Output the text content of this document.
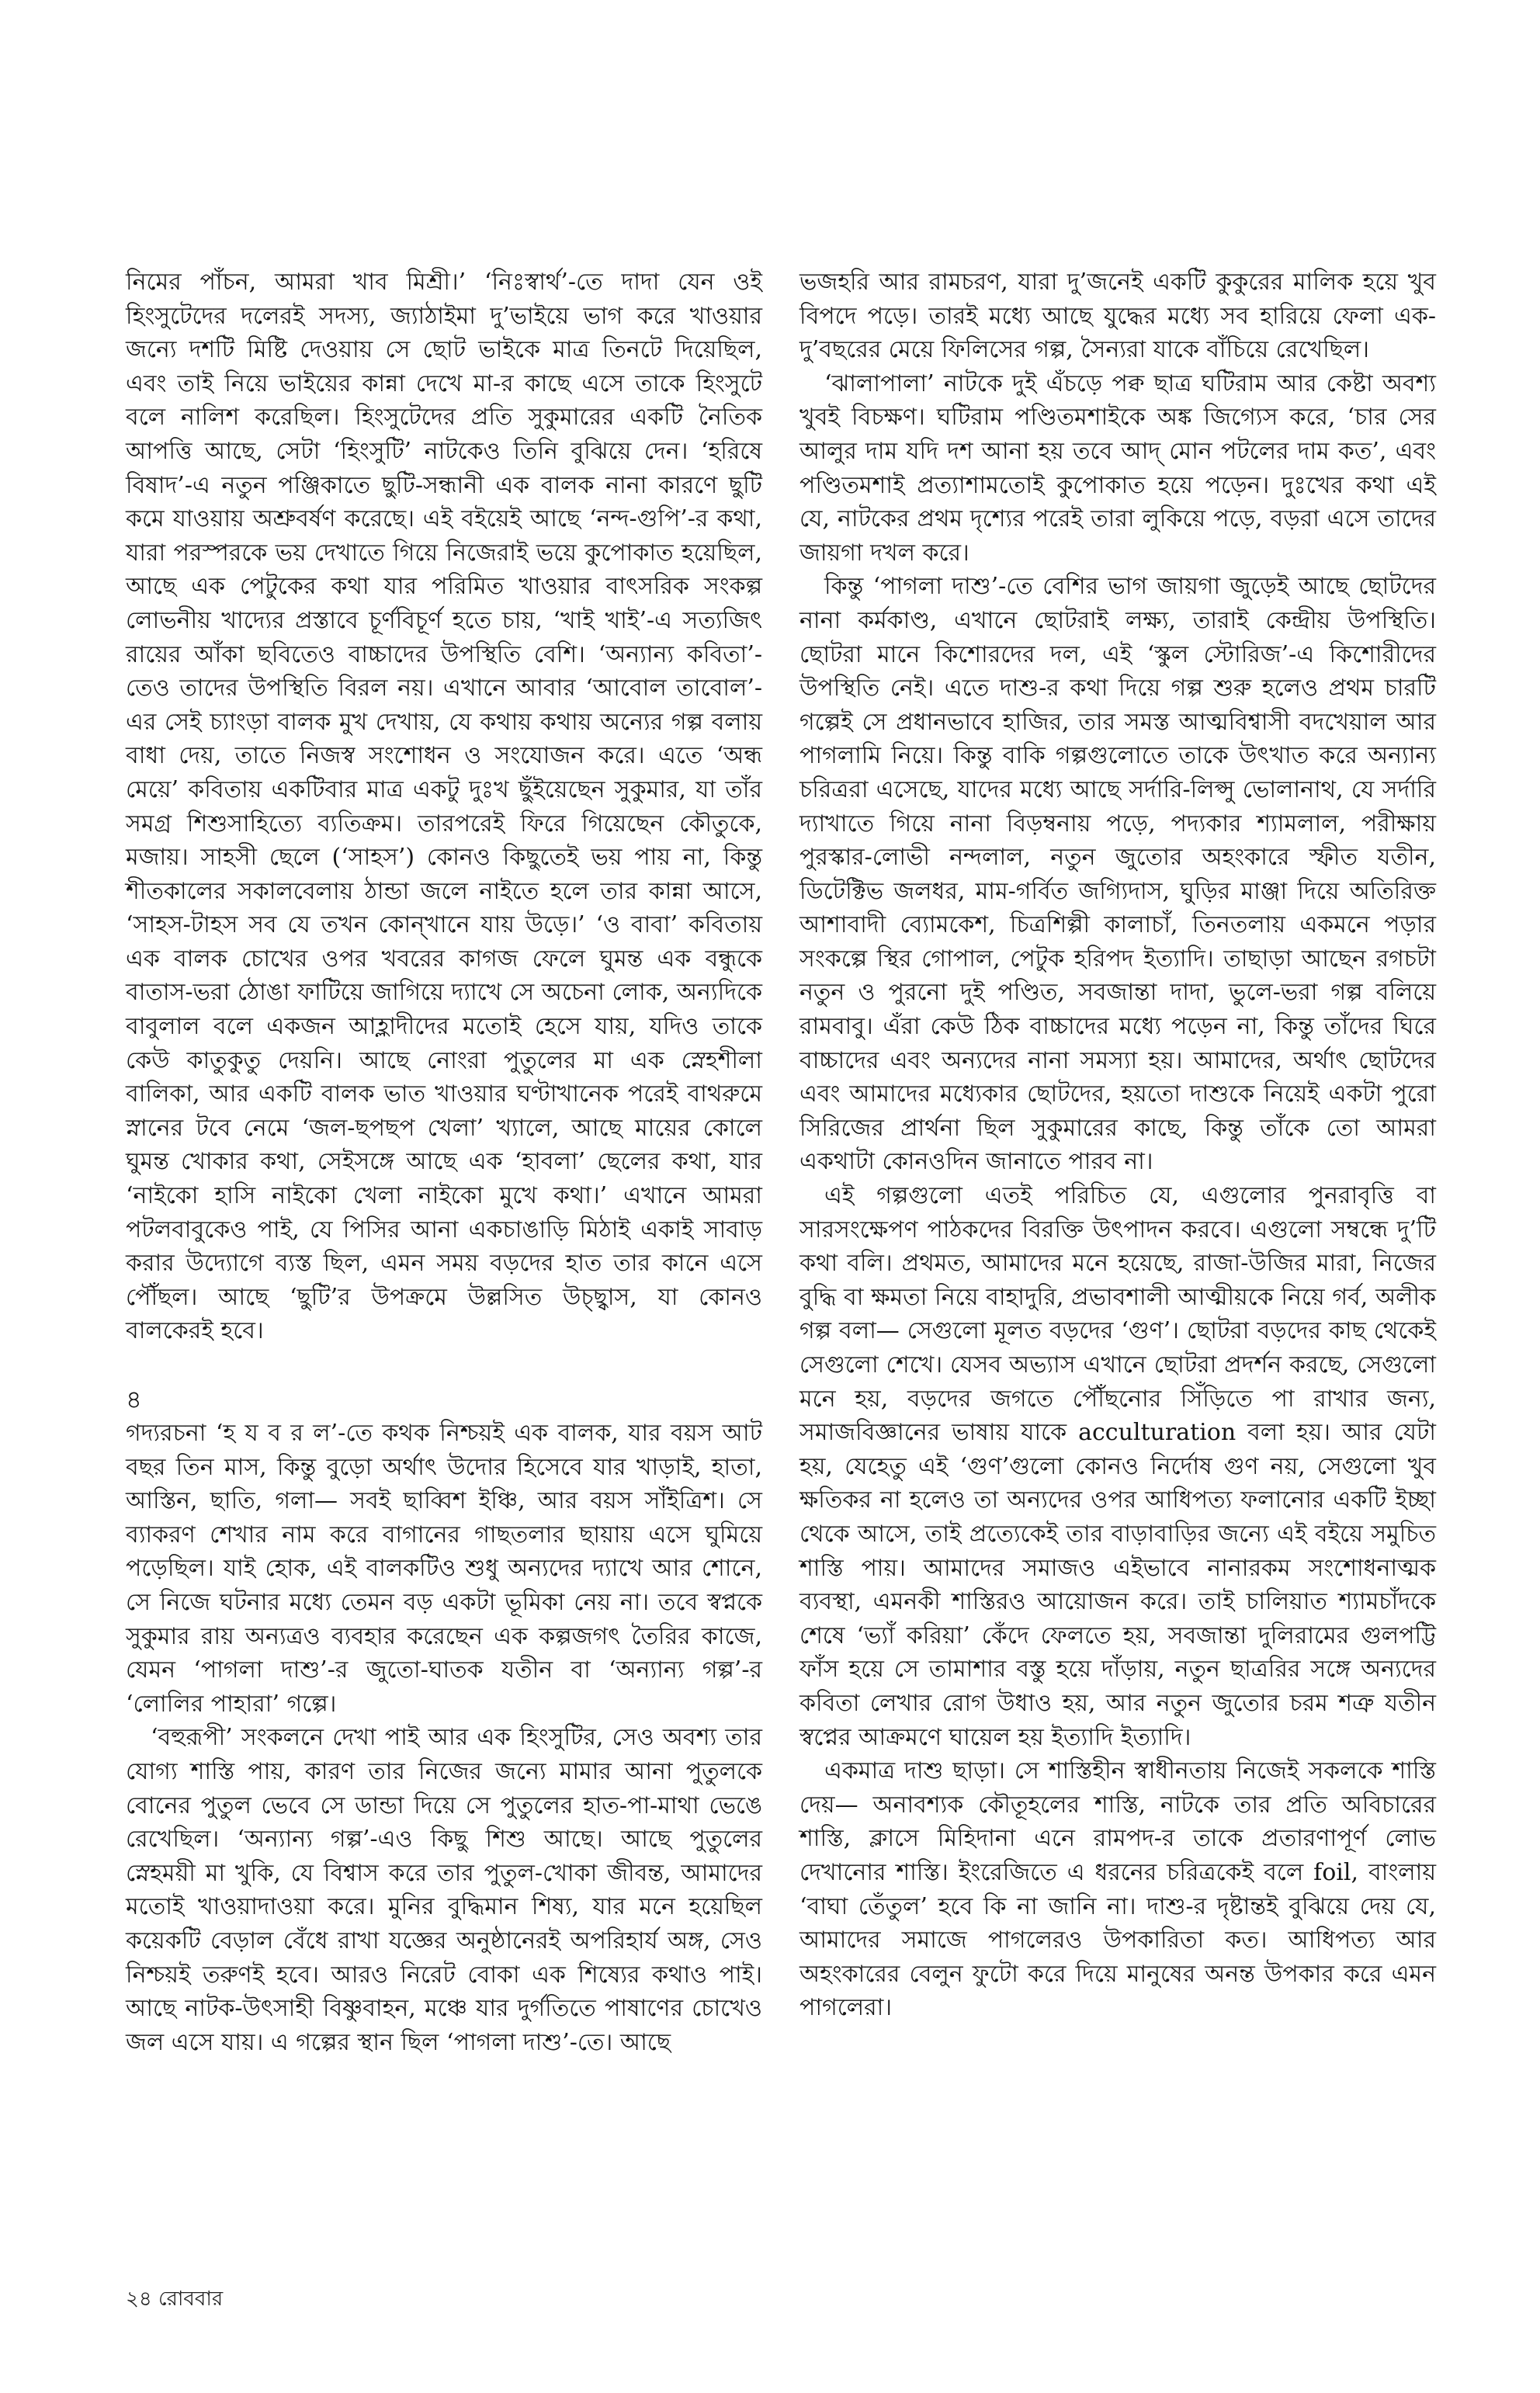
নিমের পাঁচন, আমরা খাব মিশ্রী।’ ‘নিঃস্বার্থ’-তে দাদা যেন ওই হিংসুটেদের দলেরই সদস্য, জ্যাঠাইমা দু’ভাইয়ে ভাগ করে খাওয়ার জন্যে দশটি মিষ্টি দেওয়ায় সে ছোট ভাইকে মাত্র তিনটে দিয়েছিল, এবং তাই নিয়ে ভাইয়ের কান্না দেখে মা-র কাছে এসে তাকে হিংসুটে বলে নালিশ করেছিল। হিংসুটেদের প্রতি সুকুমারের একটি নৈতিক আপত্তি আছে, সেটা ‘হিংসুটি’ নাটকেও তিনি বুঝিয়ে দেন। ‘হরিষে বিষাদ’-এ নতুন পঞ্জিকাতে ছুটি-সন্ধানী এক বালক নানা কারণে ছুটি কমে যাওয়ায় অশ্রুবর্ষণ করেছে। এই বইয়েই আছে ‘নন্দ-গুপি’-র কথা, যারা পরস্পরকে ভয় দেখাতে গিয়ে নিজেরাই ভয়ে কুপোকাত হয়েছিল, আছে এক পেটুকের কথা যার পরিমিত খাওয়ার বাৎসরিক সংকল্প লোভনীয় খাদ্যের প্রস্তাবে চূর্ণবিচূর্ণ হতে চায়, ‘খাই খাই’-এ সত্যজিৎ রায়ের আঁকা ছবিতেও বাচ্চাদের উপস্থিতি বেশি। ‘অন্যান্য কবিতা’-তেও তাদের উপস্থিতি বিরল নয়। এখানে আবার ‘আবোল তাবোল’-এর সেই চ্যাংড়া বালক মুখ দেখায়, যে কথায় কথায় অন্যের গল্প বলায় বাধা দেয়, তাতে নিজস্ব সংশোধন ও সংযোজন করে। এতে ‘অন্ধ মেয়ে’ কবিতায় একটিবার মাত্র একটু দুঃখ ছুঁইয়েছেন সুকুমার, যা তাঁর সমগ্র শিশুসাহিত্যে ব্যতিক্রম। তারপরেই ফিরে গিয়েছেন কৌতুকে, মজায়। সাহসী ছেলে (‘সাহস’) কোনও কিছুতেই ভয় পায় না, কিন্তু শীতকালের সকালবেলায় ঠান্ডা জলে নাইতে হলে তার কান্না আসে, ‘সাহস-টাহস সব যে তখন কোন্‌খানে যায় উড়ে।’ ‘ও বাবা’ কবিতায় এক বালক চোখের ওপর খবরের কাগজ ফেলে ঘুমন্ত এক বন্ধুকে বাতাস-ভরা ঠোঙা ফাটিয়ে জাগিয়ে দ্যাখে সে অচেনা লোক, অন্যদিকে বাবুলাল বলে একজন আহ্লাদীদের মতোই হেসে যায়, যদিও তাকে কেউ কাতুকুতু দেয়নি। আছে নোংরা পুতুলের মা এক স্নেহশীলা বালিকা, আর একটি বালক ভাত খাওয়ার ঘণ্টাখানেক পরেই বাথরুমে স্নানের টবে নেমে ‘জল-ছপছপ খেলা’ খ্যালে, আছে মায়ের কোলে ঘুমন্ত খোকার কথা, সেইসঙ্গে আছে এক ‘হাবলা’ ছেলের কথা, যার ‘নাইকো হাসি নাইকো খেলা নাইকো মুখে কথা।’ এখানে আমরা পটলবাবুকেও পাই, যে পিসির আনা একচাঙাড়ি মিঠাই একাই সাবাড় করার উদ্যোগে ব্যস্ত ছিল, এমন সময় বড়দের হাত তার কানে এসে পৌঁছল। আছে ‘ছুটি’র উপক্রমে উল্লসিত উচ্ছ্বাস, যা কোনও বালকেরই হবে।

৪

গদ্যরচনা ‘হ য ব র ল’-তে কথক নিশ্চয়ই এক বালক, যার বয়স আট বছর তিন মাস, কিন্তু বুড়ো অর্থাৎ উদোর হিসেবে যার খাড়াই, হাতা, আস্তিন, ছাতি, গলা— সবই ছাব্বিশ ইঞ্চি, আর বয়স সাঁইত্রিশ। সে ব্যাকরণ শেখার নাম করে বাগানের গাছতলার ছায়ায় এসে ঘুমিয়ে পড়েছিল। যাই হোক, এই বালকটিও শুধু অন্যদের দ্যাখে আর শোনে, সে নিজে ঘটনার মধ্যে তেমন বড় একটা ভূমিকা নেয় না। তবে স্বপ্নকে সুকুমার রায় অন্যত্রও ব্যবহার করেছেন এক কল্পজগৎ তৈরির কাজে, যেমন ‘পাগলা দাশু’-র জুতো-ঘাতক যতীন বা ‘অন্যান্য গল্প’-র ‘লোলির পাহারা’ গল্পে।

‘বহুরূপী’ সংকলনে দেখা পাই আর এক হিংসুটির, সেও অবশ্য তার যোগ্য শাস্তি পায়, কারণ তার নিজের জন্যে মামার আনা পুতুলকে বোনের পুতুল ভেবে সে ডান্ডা দিয়ে সে পুতুলের হাত-পা-মাথা ভেঙে রেখেছিল। ‘অন্যান্য গল্প’-এও কিছু শিশু আছে। আছে পুতুলের স্নেহময়ী মা খুকি, যে বিশ্বাস করে তার পুতুল-খোকা জীবন্ত, আমাদের মতোই খাওয়াদাওয়া করে। মুনির বুদ্ধিমান শিষ্য, যার মনে হয়েছিল কয়েকটি বেড়াল বেঁধে রাখা যজ্ঞের অনুষ্ঠানেরই অপরিহার্য অঙ্গ, সেও নিশ্চয়ই তরুণই হবে। আরও নিরেট বোকা এক শিষ্যের কথাও পাই। আছে নাটক-উৎসাহী বিষ্ণুবাহন, মঞ্চে যার দুর্গতিতে পাষাণের চোখেও জল এসে যায়। এ গল্পের স্থান ছিল ‘পাগলা দাশু’-তে। আছে

ভজহরি আর রামচরণ, যারা দু’জনেই একটি কুকুরের মালিক হয়ে খুব বিপদে পড়ে। তারই মধ্যে আছে যুদ্ধের মধ্যে সব হারিয়ে ফেলা এক-দু’বছরের মেয়ে ফিলিসের গল্প, সৈন্যরা যাকে বাঁচিয়ে রেখেছিল।

‘ঝালাপালা’ নাটকে দুই এঁচড়ে পক্ব ছাত্র ঘটিরাম আর কেষ্টা অবশ্য খুবই বিচক্ষণ। ঘটিরাম পণ্ডিতমশাইকে অঙ্ক জিগ্যেস করে, ‘চার সের আলুর দাম যদি দশ আনা হয় তবে আদ্‌ মোন পটলের দাম কত’, এবং পণ্ডিতমশাই প্রত্যাশামতোই কুপোকাত হয়ে পড়েন। দুঃখের কথা এই যে, নাটকের প্রথম দৃশ্যের পরেই তারা লুকিয়ে পড়ে, বড়রা এসে তাদের জায়গা দখল করে।

কিন্তু ‘পাগলা দাশু’-তে বেশির ভাগ জায়গা জুড়েই আছে ছোটদের নানা কর্মকাণ্ড, এখানে ছোটরাই লক্ষ্য, তারাই কেন্দ্রীয় উপস্থিতি। ছোটরা মানে কিশোরদের দল, এই ‘স্কুল স্টোরিজ’-এ কিশোরীদের উপস্থিতি নেই। এতে দাশু-র কথা দিয়ে গল্প শুরু হলেও প্রথম চারটি গল্পেই সে প্রধানভাবে হাজির, তার সমস্ত আত্মবিশ্বাসী বদখেয়াল আর পাগলামি নিয়ে। কিন্তু বাকি গল্পগুলোতে তাকে উৎখাত করে অন্যান্য চরিত্ররা এসেছে, যাদের মধ্যে আছে সর্দারি-লিপ্সু ভোলানাথ, যে সর্দারি দ্যাখাতে গিয়ে নানা বিড়ম্বনায় পড়ে, পদ্যকার শ্যামলাল, পরীক্ষায় পুরস্কার-লোভী নন্দলাল, নতুন জুতোর অহংকারে স্ফীত যতীন, ডিটেক্টিভ জলধর, মাম-গর্বিত জগ্যিদাস, ঘুড়ির মাঞ্জা দিয়ে অতিরিক্ত আশাবাদী ব্যোমকেশ, চিত্রশিল্পী কালাচাঁ, তিনতলায় একমনে পড়ার সংকল্পে স্থির গোপাল, পেটুক হরিপদ ইত্যাদি। তাছাড়া আছেন রগচটা নতুন ও পুরনো দুই পণ্ডিত, সবজান্তা দাদা, ভুলে-ভরা গল্প বলিয়ে রামবাবু। এঁরা কেউ ঠিক বাচ্চাদের মধ্যে পড়েন না, কিন্তু তাঁদের ঘিরে বাচ্চাদের এবং অন্যদের নানা সমস্যা হয়। আমাদের, অর্থাৎ ছোটদের এবং আমাদের মধ্যেকার ছোটদের, হয়তো দাশুকে নিয়েই একটা পুরো সিরিজের প্রার্থনা ছিল সুকুমারের কাছে, কিন্তু তাঁকে তো আমরা একথাটা কোনওদিন জানাতে পারব না।

এই গল্পগুলো এতই পরিচিত যে, এগুলোর পুনরাবৃত্তি বা সারসংক্ষেপণ পাঠকদের বিরক্তি উৎপাদন করবে। এগুলো সম্বন্ধে দু’টি কথা বলি। প্রথমত, আমাদের মনে হয়েছে, রাজা-উজির মারা, নিজের বুদ্ধি বা ক্ষমতা নিয়ে বাহাদুরি, প্রভাবশালী আত্মীয়কে নিয়ে গর্ব, অলীক গল্প বলা— সেগুলো মূলত বড়দের ‘গুণ’। ছোটরা বড়দের কাছ থেকেই সেগুলো শেখে। যেসব অভ্যাস এখানে ছোটরা প্রদর্শন করছে, সেগুলো মনে হয়, বড়দের জগতে পৌঁছনোর সিঁড়িতে পা রাখার জন্য, সমাজবিজ্ঞানের ভাষায় যাকে acculturation বলা হয়। আর যেটা হয়, যেহেতু এই ‘গুণ’গুলো কোনও নির্দোষ গুণ নয়, সেগুলো খুব ক্ষতিকর না হলেও তা অন্যদের ওপর আধিপত্য ফলানোর একটি ইচ্ছা থেকে আসে, তাই প্রত্যেকেই তার বাড়াবাড়ির জন্যে এই বইয়ে সমুচিত শাস্তি পায়। আমাদের সমাজও এইভাবে নানারকম সংশোধনাত্মক ব্যবস্থা, এমনকী শাস্তিরও আয়োজন করে। তাই চালিয়াত শ্যামচাঁদকে শেষে ‘ভ্যাঁ করিয়া’ কেঁদে ফেলতে হয়, সবজান্তা দুলিরামের গুলপট্টি ফাঁস হয়ে সে তামাশার বস্তু হয়ে দাঁড়ায়, নতুন ছাত্ররির সঙ্গে অন্যদের কবিতা লেখার রোগ উধাও হয়, আর নতুন জুতোর চরম শত্রু যতীন স্বপ্নের আক্রমণে ঘায়েল হয় ইত্যাদি ইত্যাদি।

একমাত্র দাশু ছাড়া। সে শাস্তিহীন স্বাধীনতায় নিজেই সকলকে শাস্তি দেয়— অনাবশ্যক কৌতূহলের শাস্তি, নাটকে তার প্রতি অবিচারের শাস্তি, ক্লাসে মিহিদানা এনে রামপদ-র তাকে প্রতারণাপূর্ণ লোভ দেখানোর শাস্তি। ইংরেজিতে এ ধরনের চরিত্রকেই বলে foil, বাংলায় ‘বাঘা তেঁতুল’ হবে কি না জানি না। দাশু-র দৃষ্টান্তই বুঝিয়ে দেয় যে, আমাদের সমাজে পাগলেরও উপকারিতা কত। আধিপত্য আর অহংকারের বেলুন ফুটো করে দিয়ে মানুষের অনন্ত উপকার করে এমন পাগলেরা।

২৪ রোববার
